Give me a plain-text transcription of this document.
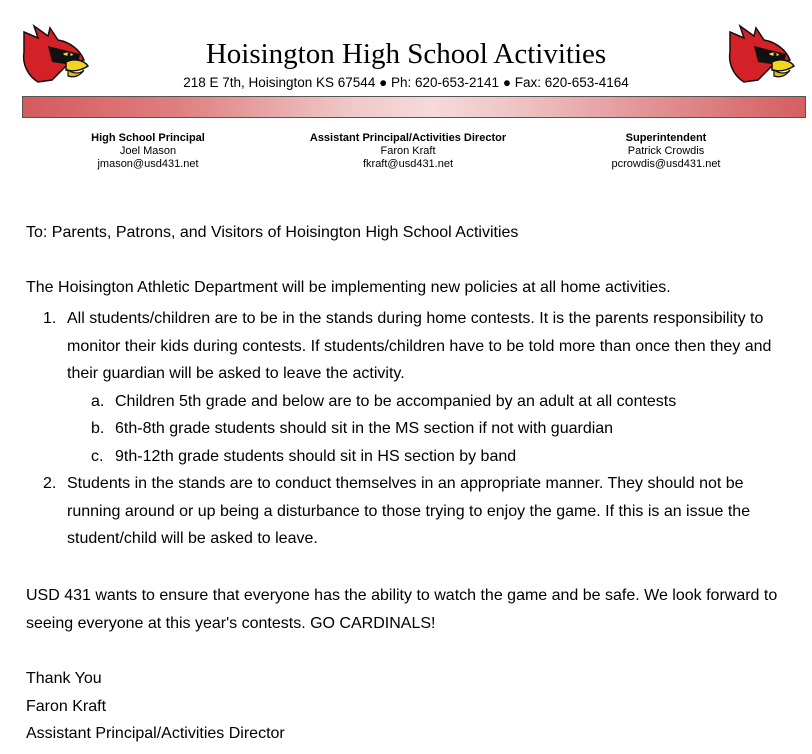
Hoisington High School Activities
218 E 7th, Hoisington KS 67544 ● Ph: 620-653-2141 ● Fax: 620-653-4164
High School Principal
Joel Mason
jmason@usd431.net
Assistant Principal/Activities Director
Faron Kraft
fkraft@usd431.net
Superintendent
Patrick Crowdis
pcrowdis@usd431.net
To: Parents, Patrons, and Visitors of Hoisington High School Activities
The Hoisington Athletic Department will be implementing new policies at all home activities.
1. All students/children are to be in the stands during home contests. It is the parents responsibility to monitor their kids during contests. If students/children have to be told more than once then they and their guardian will be asked to leave the activity.
a. Children 5th grade and below are to be accompanied by an adult at all contests
b. 6th-8th grade students should sit in the MS section if not with guardian
c. 9th-12th grade students should sit in HS section by band
2. Students in the stands are to conduct themselves in an appropriate manner. They should not be running around or up being a disturbance to those trying to enjoy the game. If this is an issue the student/child will be asked to leave.
USD 431 wants to ensure that everyone has the ability to watch the game and be safe. We look forward to seeing everyone at this year's contests. GO CARDINALS!
Thank You
Faron Kraft
Assistant Principal/Activities Director
